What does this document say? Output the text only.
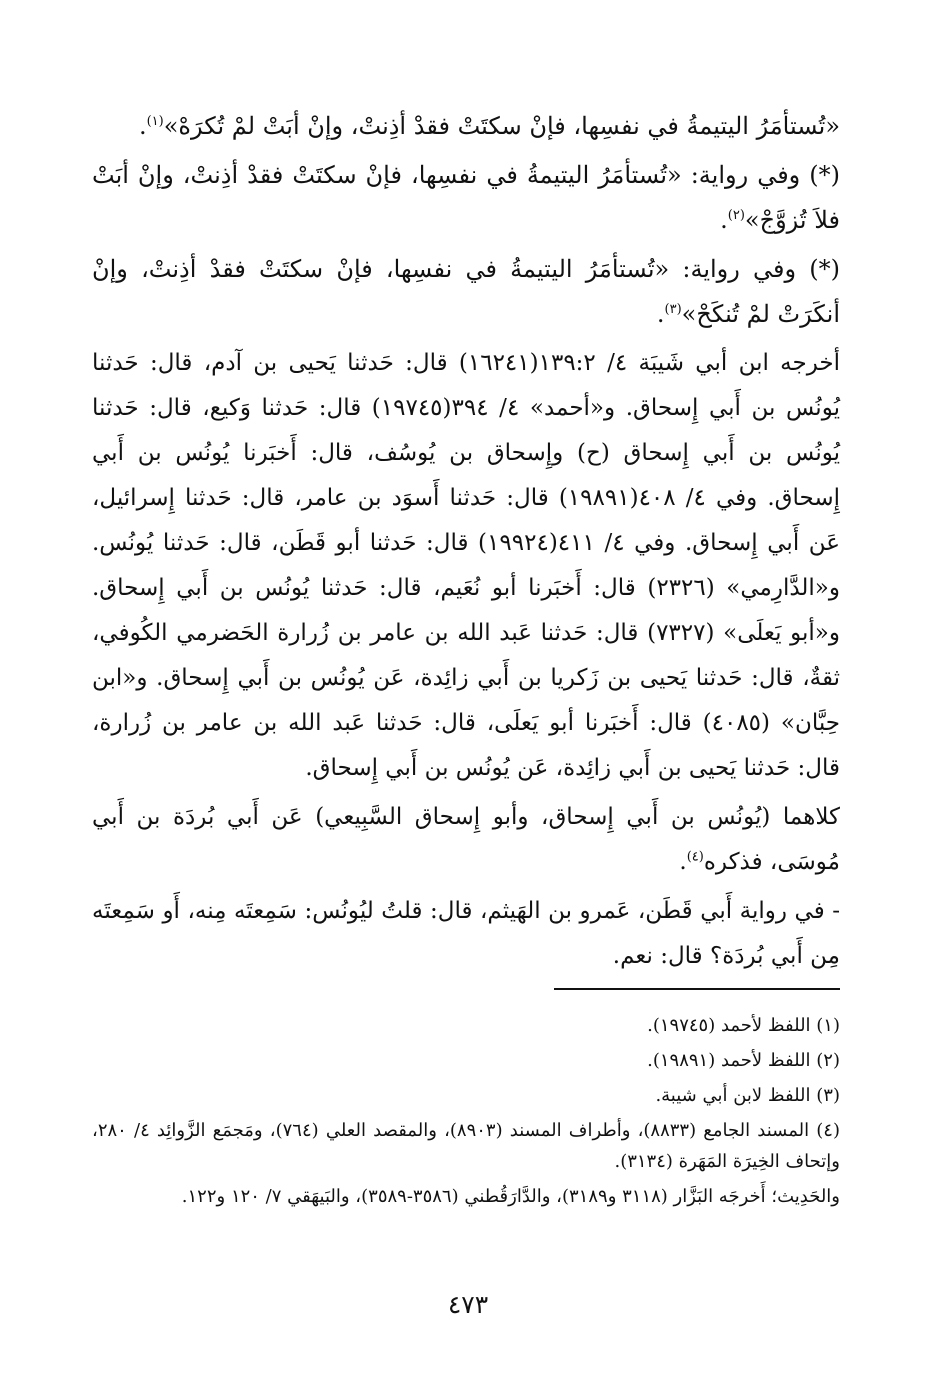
«تُستأمَرُ اليتيمةُ في نفسِها، فإنْ سكتَتْ فقدْ أذِنتْ، وإنْ أبَتْ لمْ تُكرَهْ»$^{(١)}$.

(*) وفي رواية: «تُستأمَرُ اليتيمةُ في نفسِها، فإنْ سكتَتْ فقدْ أذِنتْ، وإنْ أبَتْ فلاَ تُزوَّجْ»$^{(٢)}$.

(*) وفي رواية: «تُستأمَرُ اليتيمةُ في نفسِها، فإنْ سكتَتْ فقدْ أذِنتْ، وإنْ أنكَرَتْ لمْ تُنكَحْ»$^{(٣)}$.

أخرجه ابن أبي شَيبَة ٤/ ١٣٩:٢(١٦٢٤١) قال: حَدثنا يَحيى بن آدم، قال: حَدثنا يُونُس بن أَبي إِسحاق. و«أحمد» ٤/ ٣٩٤(١٩٧٤٥) قال: حَدثنا وَكيع، قال: حَدثنا يُونُس بن أَبي إِسحاق (ح) وإِسحاق بن يُوسُف، قال: أَخبَرنا يُونُس بن أَبي إِسحاق. وفي ٤/ ٤٠٨(١٩٨٩١) قال: حَدثنا أَسوَد بن عامر، قال: حَدثنا إِسرائيل، عَن أَبي إِسحاق. وفي ٤/ ٤١١(١٩٩٢٤) قال: حَدثنا أبو قَطَن، قال: حَدثنا يُونُس. و«الدَّارِمي» (٢٣٢٦) قال: أَخبَرنا أبو نُعَيم، قال: حَدثنا يُونُس بن أَبي إِسحاق. و«أبو يَعلَى» (٧٣٢٧) قال: حَدثنا عَبد الله بن عامر بن زُرارة الحَضرمي الكُوفي، ثقةٌ، قال: حَدثنا يَحيى بن زَكريا بن أَبي زائِدة، عَن يُونُس بن أَبي إِسحاق. و«ابن حِبَّان» (٤٠٨٥) قال: أَخبَرنا أبو يَعلَى، قال: حَدثنا عَبد الله بن عامر بن زُرارة، قال: حَدثنا يَحيى بن أَبي زائِدة، عَن يُونُس بن أَبي إِسحاق.

كلاهما (يُونُس بن أَبي إِسحاق، وأبو إِسحاق السَّبِيعي) عَن أَبي بُردَة بن أَبي مُوسَى، فذكره$^{(٤)}$.

- في رواية أَبي قَطَن، عَمرو بن الهَيثم، قال: قلتُ ليُونُس: سَمِعتَه مِنه، أَو سَمِعتَه مِن أَبي بُردَة؟ قال: نعم.

(١) اللفظ لأحمد (١٩٧٤٥).

(٢) اللفظ لأحمد (١٩٨٩١).

(٣) اللفظ لابن أبي شيبة.

(٤) المسند الجامع (٨٨٣٣)، وأطراف المسند (٨٩٠٣)، والمقصد العلي (٧٦٤)، ومَجمَع الزَّوائِد ٤/ ٢٨٠، وإتحاف الخِيرَة المَهَرة (٣١٣٤).

والحَدِيث؛ أَخرجَه البَزَّار (٣١١٨ و٣١٨٩)، والدَّارَقُطني (٣٥٨٦-٣٥٨٩)، والبَيهَقي ٧/ ١٢٠ و١٢٢.

٤٧٣
